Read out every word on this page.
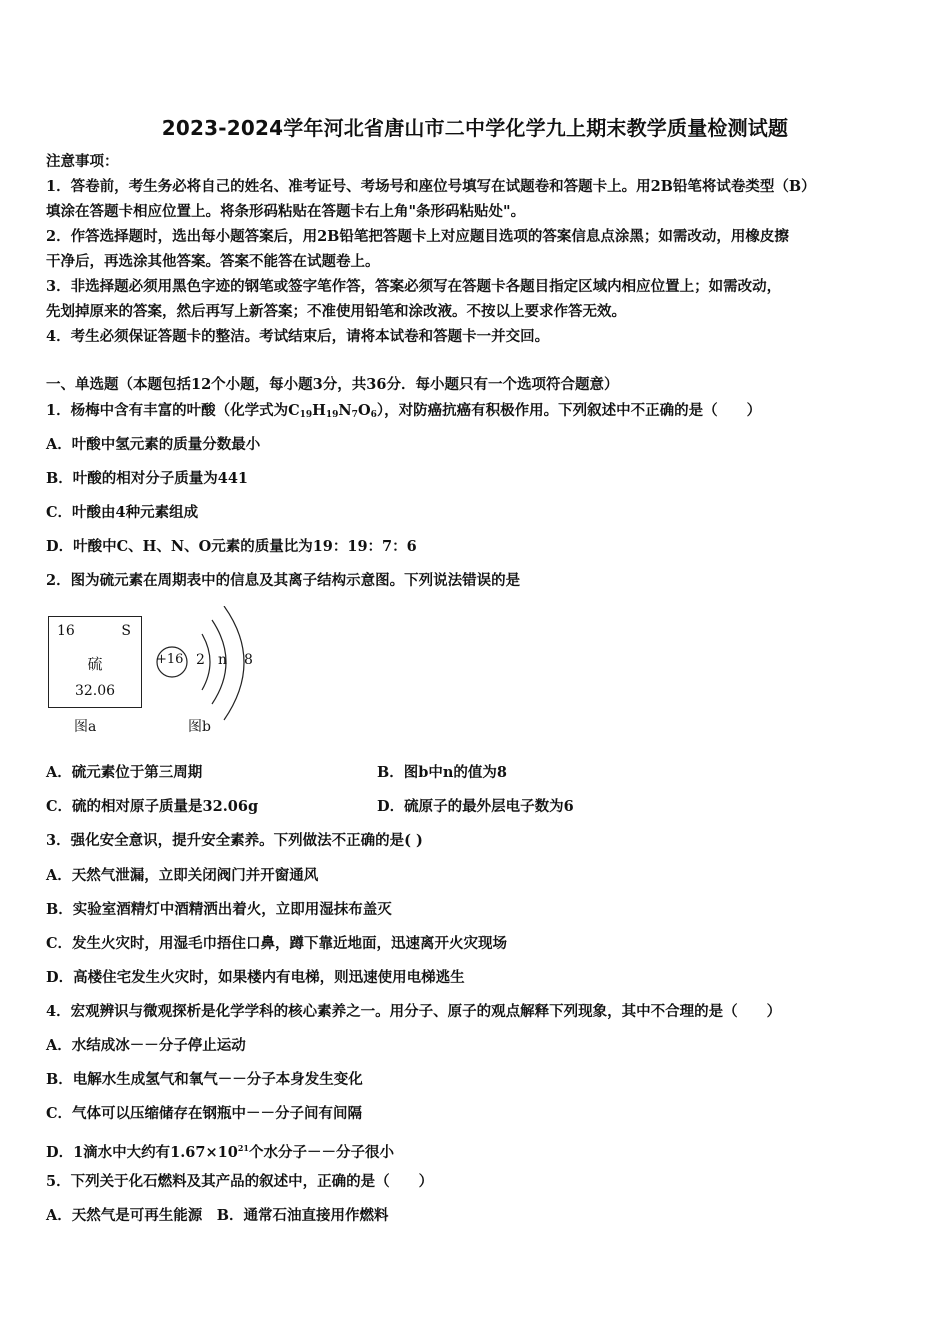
2023-2024学年河北省唐山市二中学化学九上期末教学质量检测试题
注意事项：
1．答卷前，考生务必将自己的姓名、准考证号、考场号和座位号填写在试题卷和答题卡上。用2B铅笔将试卷类型（B）
填涂在答题卡相应位置上。将条形码粘贴在答题卡右上角"条形码粘贴处"。
2．作答选择题时，选出每小题答案后，用2B铅笔把答题卡上对应题目选项的答案信息点涂黑；如需改动，用橡皮擦
干净后，再选涂其他答案。答案不能答在试题卷上。
3．非选择题必须用黑色字迹的钢笔或签字笔作答，答案必须写在答题卡各题目指定区域内相应位置上；如需改动，
先划掉原来的答案，然后再写上新答案；不准使用铅笔和涂改液。不按以上要求作答无效。
4．考生必须保证答题卡的整洁。考试结束后，请将本试卷和答题卡一并交回。
一、单选题（本题包括12个小题，每小题3分，共36分．每小题只有一个选项符合题意）
1．杨梅中含有丰富的叶酸（化学式为$C_{19}H_{19}N_7O_6$），对防癌抗癌有积极作用。下列叙述中不正确的是（　　）
A．叶酸中氢元素的质量分数最小
B．叶酸的相对分子质量为441
C．叶酸由4种元素组成
D．叶酸中C、H、N、O元素的质量比为19：19：7：6
2．图为硫元素在周期表中的信息及其离子结构示意图。下列说法错误的是
16	S
硫
32.06
图a
+16 2 n 8
图b
A．硫元素位于第三周期	B．图b中n的值为8
C．硫的相对原子质量是32.06g	D．硫原子的最外层电子数为6
3．强化安全意识，提升安全素养。下列做法不正确的是( )
A．天然气泄漏，立即关闭阀门并开窗通风
B．实验室酒精灯中酒精洒出着火，立即用湿抹布盖灭
C．发生火灾时，用湿毛巾捂住口鼻，蹲下靠近地面，迅速离开火灾现场
D．高楼住宅发生火灾时，如果楼内有电梯，则迅速使用电梯逃生
4．宏观辨识与微观探析是化学学科的核心素养之一。用分子、原子的观点解释下列现象，其中不合理的是（　　）
A．水结成冰－－分子停止运动
B．电解水生成氢气和氧气－－分子本身发生变化
C．气体可以压缩储存在钢瓶中－－分子间有间隔
D．1滴水中大约有$1.67\times 10^{21}$个水分子－－分子很小
5．下列关于化石燃料及其产品的叙述中，正确的是（　　）
A．天然气是可再生能源　B．通常石油直接用作燃料
